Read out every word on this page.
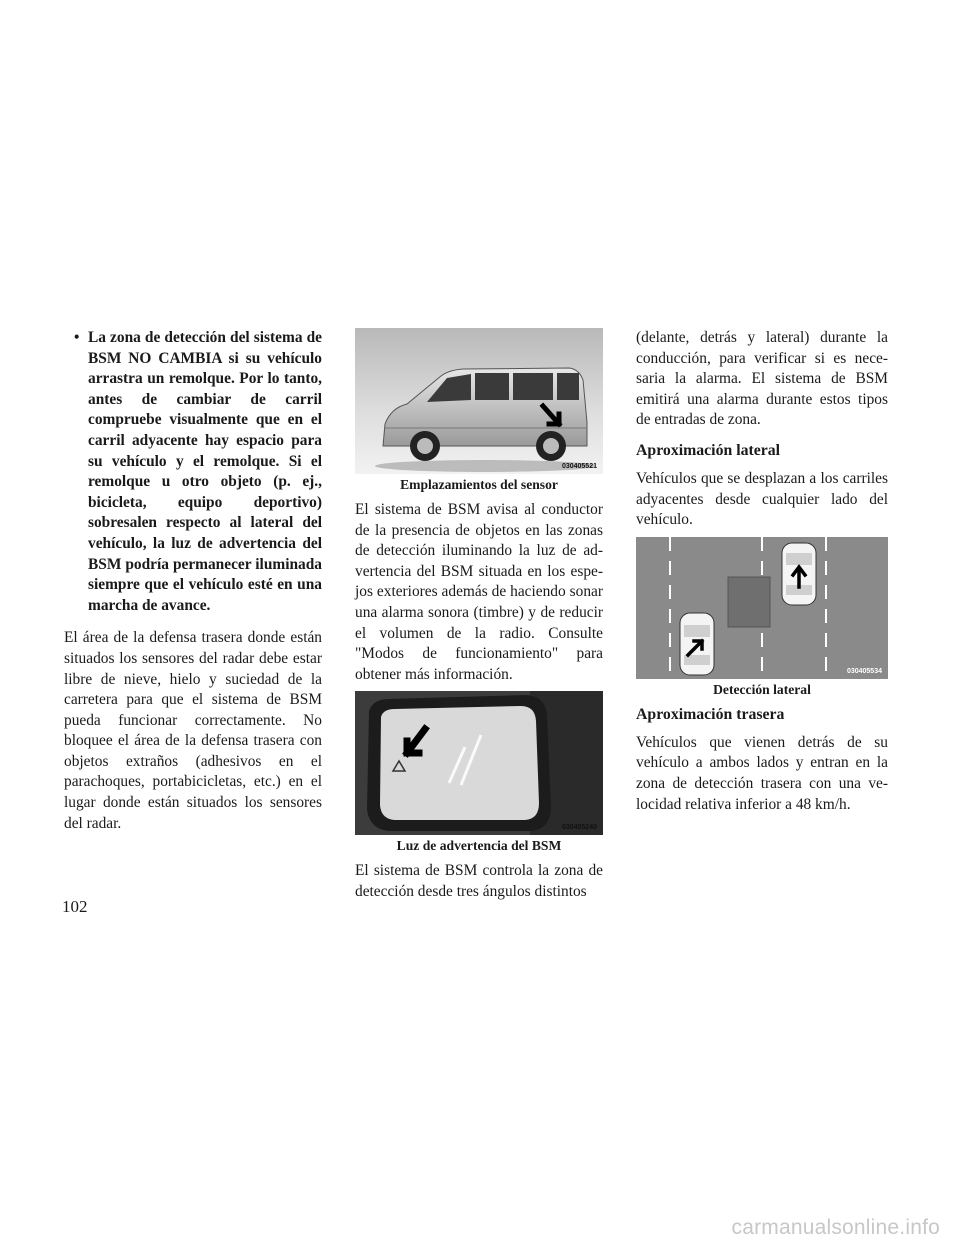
• La zona de detección del sistema de BSM NO CAMBIA si su vehículo arrastra un remolque. Por lo tanto, antes de cambiar de carril compruebe visualmente que en el carril adyacente hay espacio para su vehículo y el remolque. Si el remolque u otro objeto (p. ej., bicicleta, equipo deportivo) sobresalen respecto al lateral del vehículo, la luz de advertencia del BSM podría permanecer iluminada siempre que el vehículo esté en una marcha de avance.

El área de la defensa trasera donde están situados los sensores del radar debe estar libre de nieve, hielo y suciedad de la carretera para que el sistema de BSM pueda funcionar correctamente. No bloquee el área de la defensa trasera con objetos extraños (adhesivos en el parachoques, portabicicletas, etc.) en el lugar donde están situados los sensores del radar.

030405521
Emplazamientos del sensor

El sistema de BSM avisa al conductor de la presencia de objetos en las zonas de detección iluminando la luz de advertencia del BSM situada en los espejos exteriores además de haciendo sonar una alarma sonora (timbre) y de reducir el volumen de la radio. Consulte "Modos de funcionamiento" para obtener más información.

030405240
Luz de advertencia del BSM

El sistema de BSM controla la zona de detección desde tres ángulos distintos

(delante, detrás y lateral) durante la conducción, para verificar si es necesaria la alarma. El sistema de BSM emitirá una alarma durante estos tipos de entradas de zona.

Aproximación lateral

Vehículos que se desplazan a los carriles adyacentes desde cualquier lado del vehículo.

030405534
Detección lateral
Aproximación trasera

Vehículos que vienen detrás de su vehículo a ambos lados y entran en la zona de detección trasera con una velocidad relativa inferior a 48 km/h.

102
carmanualsonline.info
